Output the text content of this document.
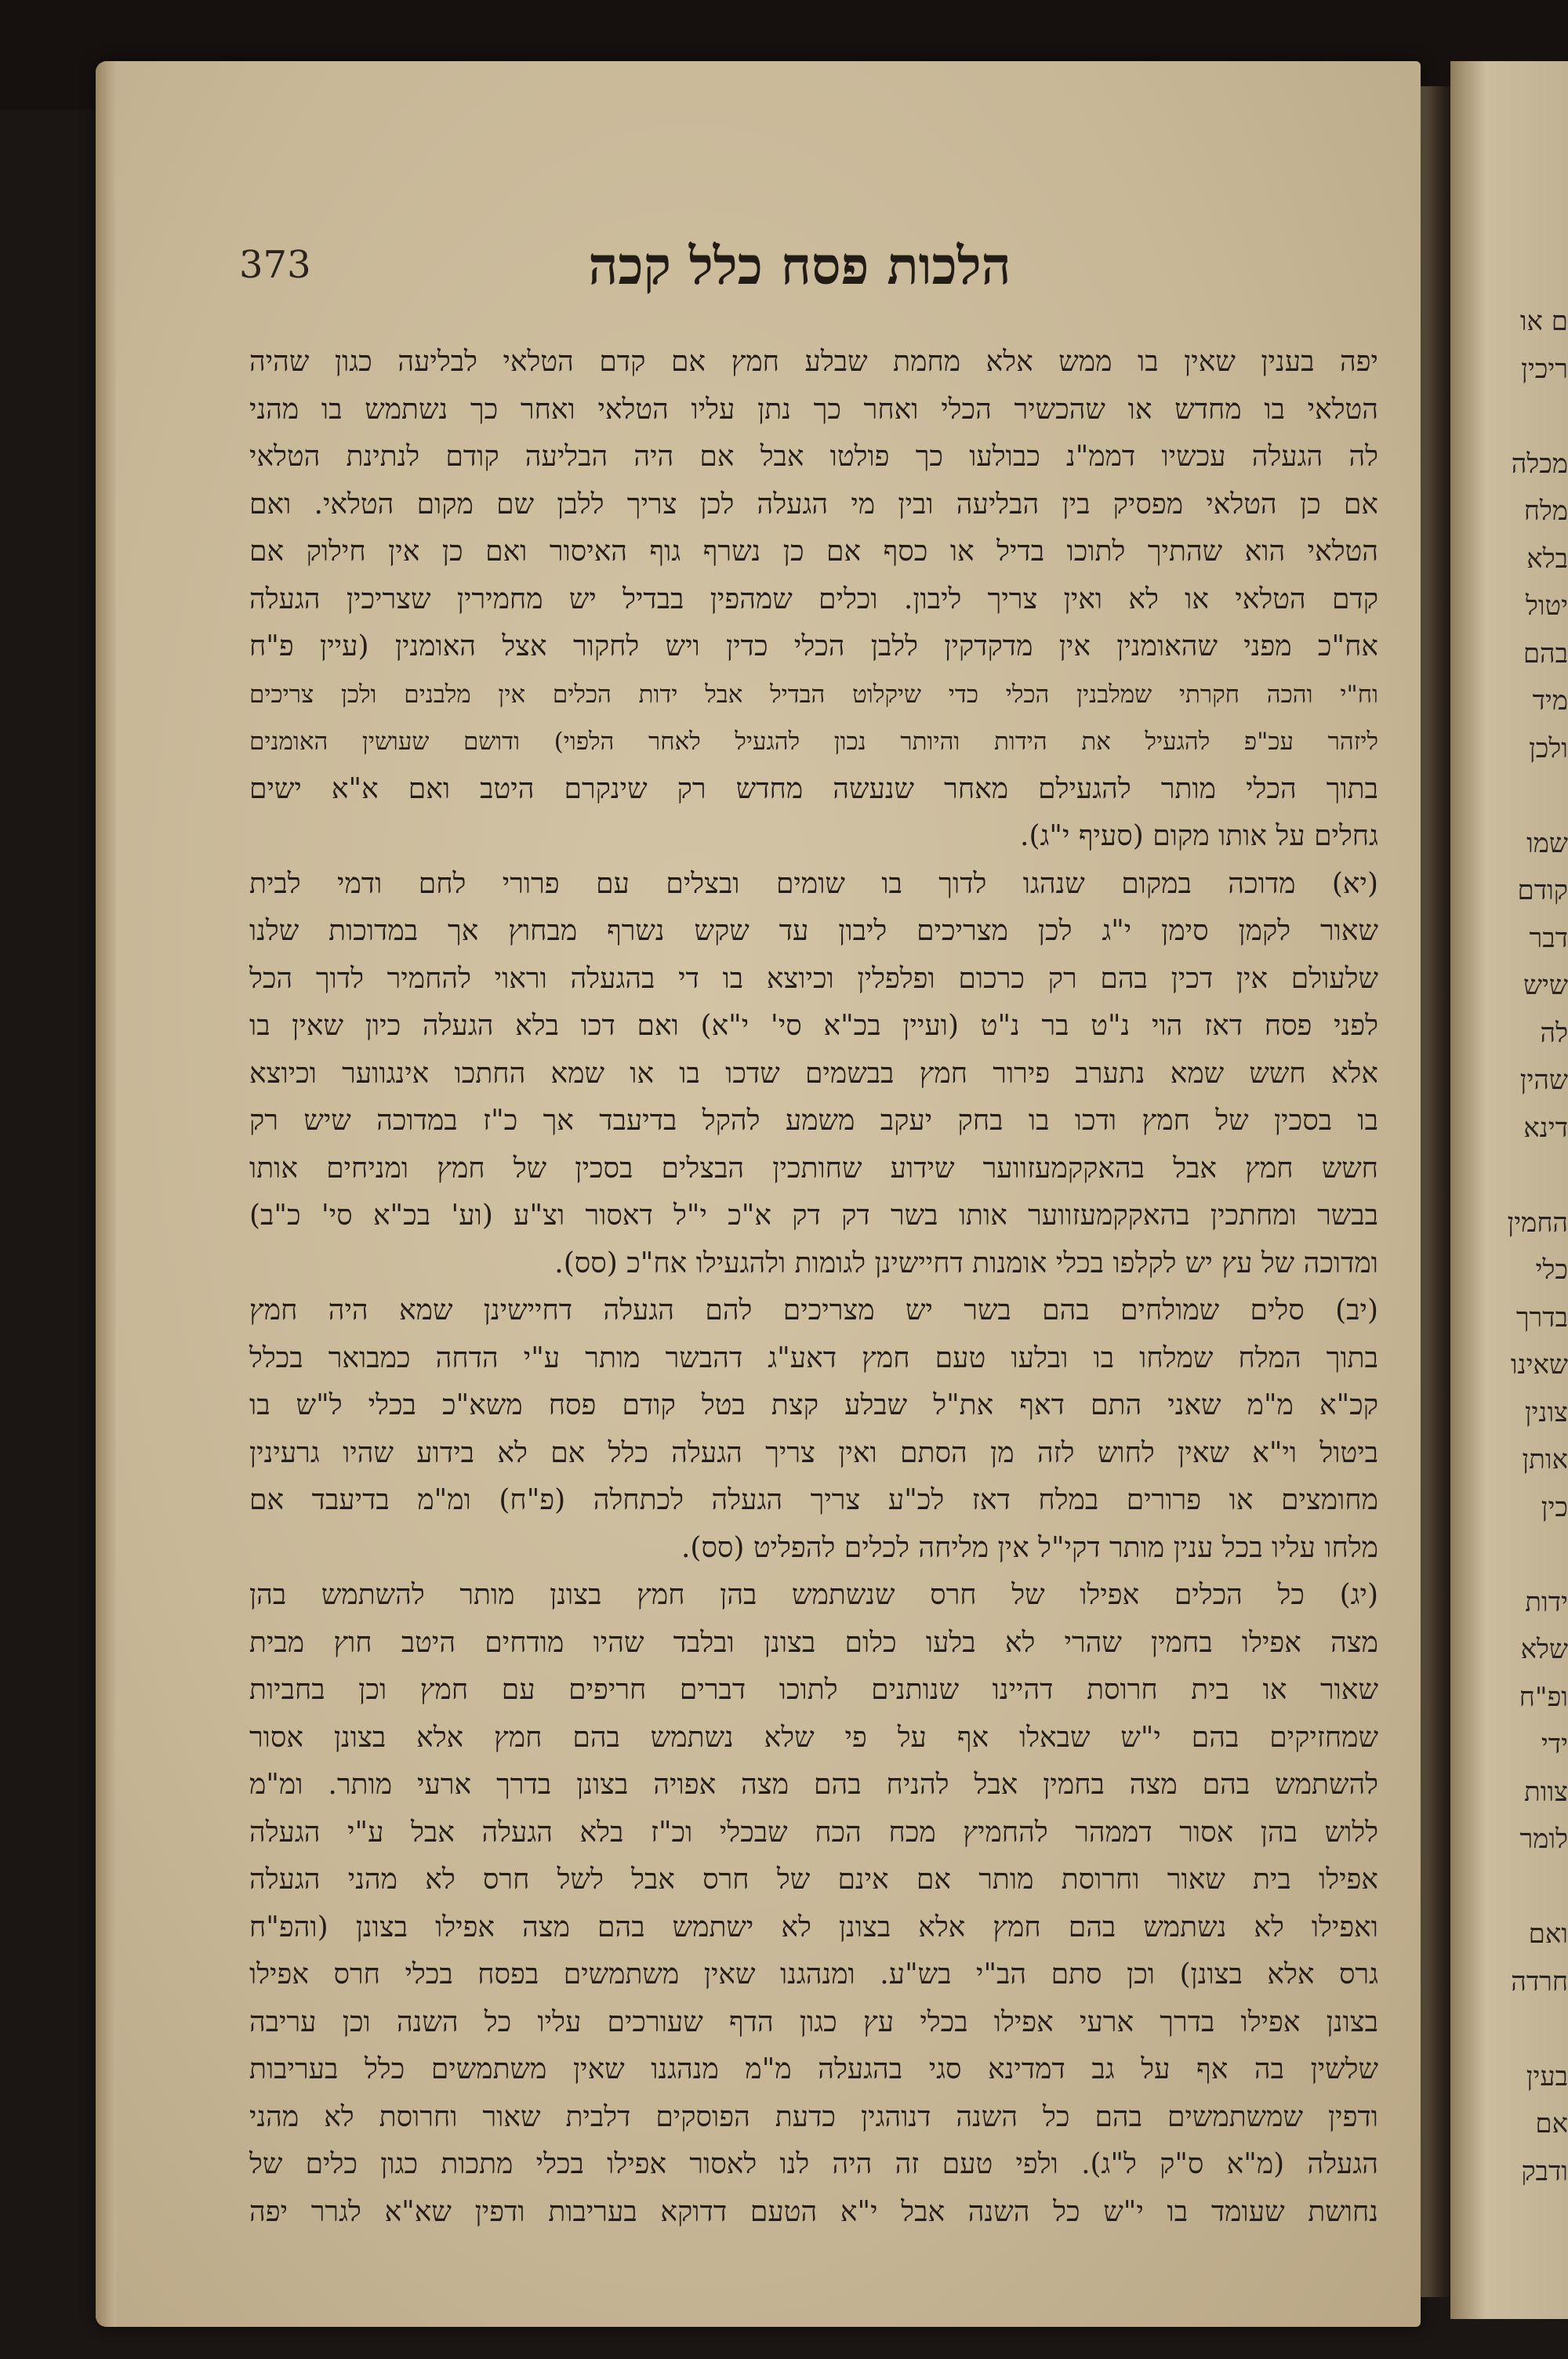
ם או
ריכין
מכלה
מלח
בלא
יטול
בהם
מיד
ולכן
שמו
קודם
דבר
שיש
לה
שהין
דינא
החמין
כלי
בדרך
שאינו
צונין
אותן
כין
ידות
שלא
ופ"ח
ידי
צוות
לומר
ואם
חרדה
בעין
אם
ודבק
373	הלכות פסח כלל קכה
יפה בענין שאין בו ממש אלא מחמת שבלע חמץ אם קדם הטלאי לבליעה כגון שהיה
הטלאי בו מחדש או שהכשיר הכלי ואחר כך נתן עליו הטלאי ואחר כך נשתמש בו מהני
לה הגעלה עכשיו דממ"נ כבולעו כך פולטו אבל אם היה הבליעה קודם לנתינת הטלאי
אם כן הטלאי מפסיק בין הבליעה ובין מי הגעלה לכן צריך ללבן שם מקום הטלאי. ואם
הטלאי הוא שהתיך לתוכו בדיל או כסף אם כן נשרף גוף האיסור ואם כן אין חילוק אם
קדם הטלאי או לא ואין צריך ליבון. וכלים שמהפין בבדיל יש מחמירין שצריכין הגעלה
אח"כ מפני שהאומנין אין מדקדקין ללבן הכלי כדין ויש לחקור אצל האומנין (עיין פ"ח
וח"י והכה חקרתי שמלבנין הכלי כדי שיקלוט הבדיל אבל ידות הכלים אין מלבנים ולכן צריכים
ליזהר עכ"פ להגעיל את הידות והיותר נכון להגעיל לאחר הלפוי) ודושם שעושין האומנים
בתוך הכלי מותר להגעילם מאחר שנעשה מחדש רק שינקרם היטב ואם א"א ישים
גחלים על אותו מקום (סעיף י"ג).
(יא) מדוכה במקום שנהגו לדוך בו שומים ובצלים עם פרורי לחם ודמי לבית
שאור לקמן סימן י"ג לכן מצריכים ליבון עד שקש נשרף מבחוץ אך במדוכות שלנו
שלעולם אין דכין בהם רק כרכום ופלפלין וכיוצא בו די בהגעלה וראוי להחמיר לדוך הכל
לפני פסח דאז הוי נ"ט בר נ"ט (ועיין בכ"א סי' י"א) ואם דכו בלא הגעלה כיון שאין בו
אלא חשש שמא נתערב פירור חמץ בבשמים שדכו בו או שמא החתכו אינגווער וכיוצא
בו בסכין של חמץ ודכו בו בחק יעקב משמע להקל בדיעבד אך כ"ז במדוכה שיש רק
חשש חמץ אבל בהאקקמעזווער שידוע שחותכין הבצלים בסכין של חמץ ומניחים אותו
בבשר ומחתכין בהאקקמעזווער אותו בשר דק דק א"כ י"ל דאסור וצ"ע (וע' בכ"א סי' כ"ב)
ומדוכה של עץ יש לקלפו בכלי אומנות דחיישינן לגומות ולהגעילו אח"כ (סס).
(יב) סלים שמולחים בהם בשר יש מצריכים להם הגעלה דחיישינן שמא היה חמץ
בתוך המלח שמלחו בו ובלעו טעם חמץ דאע"ג דהבשר מותר ע"י הדחה כמבואר בכלל
קכ"א מ"מ שאני התם דאף את"ל שבלע קצת בטל קודם פסח משא"כ בכלי ל"ש בו
ביטול וי"א שאין לחוש לזה מן הסתם ואין צריך הגעלה כלל אם לא בידוע שהיו גרעינין
מחומצים או פרורים במלח דאז לכ"ע צריך הגעלה לכתחלה (פ"ח) ומ"מ בדיעבד אם
מלחו עליו בכל ענין מותר דקי"ל אין מליחה לכלים להפליט (סס).
(יג) כל הכלים אפילו של חרס שנשתמש בהן חמץ בצונן מותר להשתמש בהן
מצה אפילו בחמין שהרי לא בלעו כלום בצונן ובלבד שהיו מודחים היטב חוץ מבית
שאור או בית חרוסת דהיינו שנותנים לתוכו דברים חריפים עם חמץ וכן בחביות
שמחזיקים בהם י"ש שבאלו אף על פי שלא נשתמש בהם חמץ אלא בצונן אסור
להשתמש בהם מצה בחמין אבל להניח בהם מצה אפויה בצונן בדרך ארעי מותר. ומ"מ
ללוש בהן אסור דממהר להחמיץ מכח הכח שבכלי וכ"ז בלא הגעלה אבל ע"י הגעלה
אפילו בית שאור וחרוסת מותר אם אינם של חרס אבל לשל חרס לא מהני הגעלה
ואפילו לא נשתמש בהם חמץ אלא בצונן לא ישתמש בהם מצה אפילו בצונן (והפ"ח
גרס אלא בצונן) וכן סתם הב"י בש"ע. ומנהגנו שאין משתמשים בפסח בכלי חרס אפילו
בצונן אפילו בדרך ארעי אפילו בכלי עץ כגון הדף שעורכים עליו כל השנה וכן עריבה
שלשין בה אף על גב דמדינא סגי בהגעלה מ"מ מנהגנו שאין משתמשים כלל בעריבות
ודפין שמשתמשים בהם כל השנה דנוהגין כדעת הפוסקים דלבית שאור וחרוסת לא מהני
הגעלה (מ"א ס"ק ל"ג). ולפי טעם זה היה לנו לאסור אפילו בכלי מתכות כגון כלים של
נחושת שעומד בו י"ש כל השנה אבל י"א הטעם דדוקא בעריבות ודפין שא"א לגרר יפה
